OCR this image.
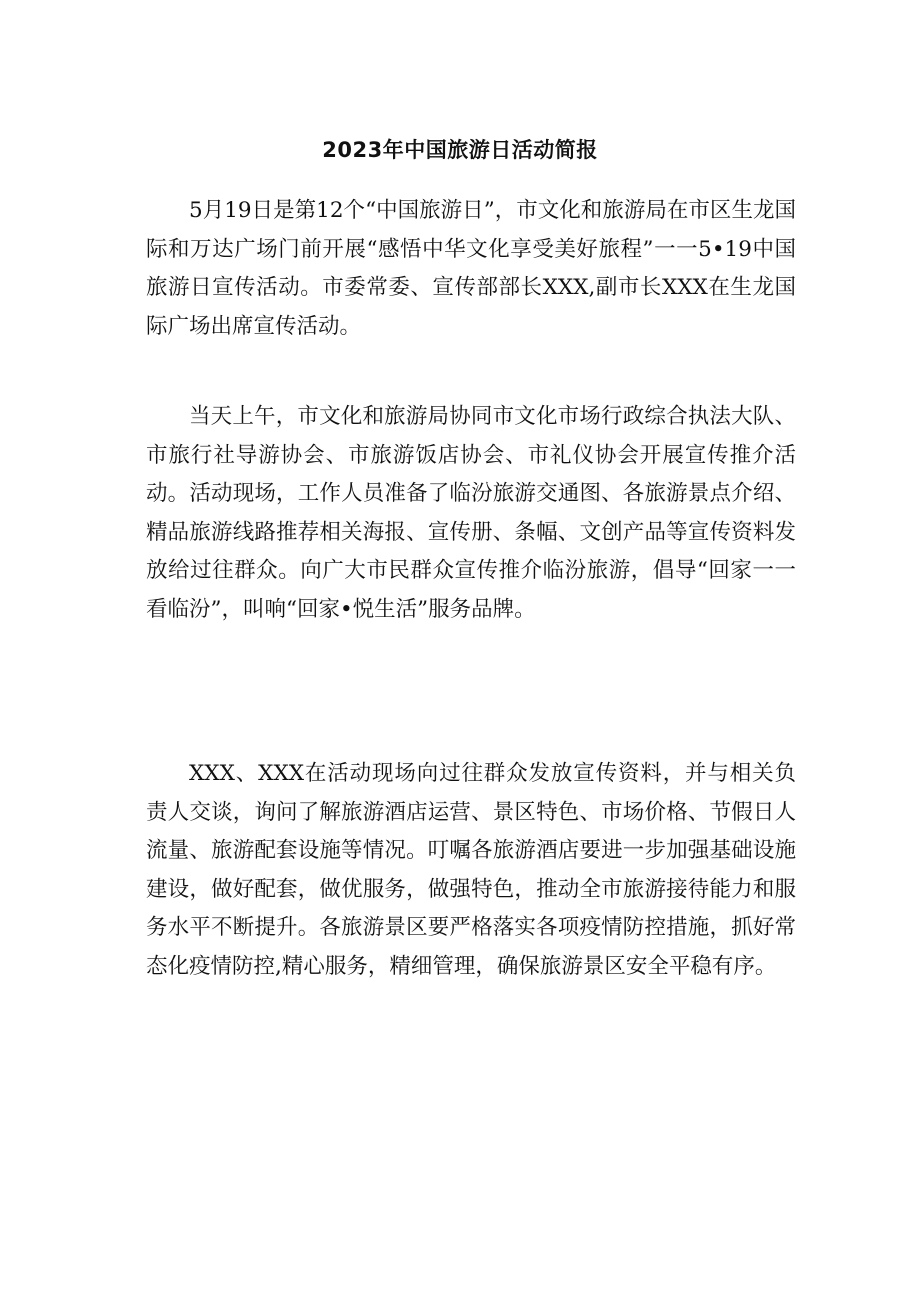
2023年中国旅游日活动简报

5月19日是第12个“中国旅游日”，市文化和旅游局在市区生龙国际和万达广场门前开展“感悟中华文化享受美好旅程”一一5•19中国旅游日宣传活动。市委常委、宣传部部长XXX,副市长XXX在生龙国际广场出席宣传活动。

当天上午，市文化和旅游局协同市文化市场行政综合执法大队、市旅行社导游协会、市旅游饭店协会、市礼仪协会开展宣传推介活动。活动现场，工作人员准备了临汾旅游交通图、各旅游景点介绍、精品旅游线路推荐相关海报、宣传册、条幅、文创产品等宣传资料发放给过往群众。向广大市民群众宣传推介临汾旅游，倡导“回家一一看临汾”，叫响“回家•悦生活”服务品牌。

XXX、XXX在活动现场向过往群众发放宣传资料，并与相关负责人交谈，询问了解旅游酒店运营、景区特色、市场价格、节假日人流量、旅游配套设施等情况。叮嘱各旅游酒店要进一步加强基础设施建设，做好配套，做优服务，做强特色，推动全市旅游接待能力和服务水平不断提升。各旅游景区要严格落实各项疫情防控措施，抓好常态化疫情防控,精心服务，精细管理，确保旅游景区安全平稳有序。
